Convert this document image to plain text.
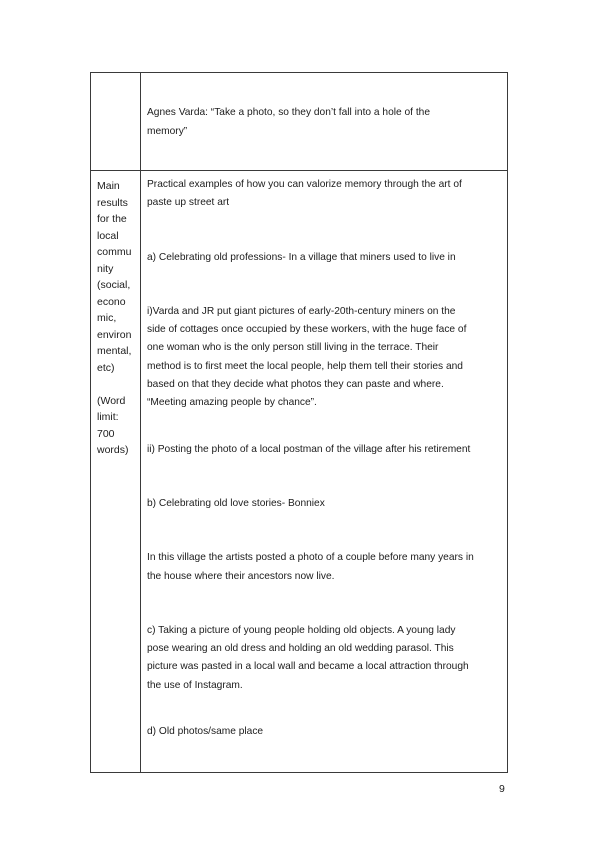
Agnes Varda: “Take a photo, so they don’t fall into a hole of the
memory”
Main
results
for the
local
commu
nity
(social,
econo
mic,
environ
mental,
etc)
(Word
limit:
700
words)
Practical examples of how you can valorize memory through the art of
paste up street art
a) Celebrating old professions- In a village that miners used to live in
i)Varda and JR put giant pictures of early-20th-century miners on the
side of cottages once occupied by these workers, with the huge face of
one woman who is the only person still living in the terrace. Their
method is to first meet the local people, help them tell their stories and
based on that they decide what photos they can paste and where.
“Meeting amazing people by chance”.
ii) Posting the photo of a local postman of the village after his retirement
b) Celebrating old love stories- Bonniex
In this village the artists posted a photo of a couple before many years in
the house where their ancestors now live.
c) Taking a picture of young people holding old objects. A young lady
pose wearing an old dress and holding an old wedding parasol. This
picture was pasted in a local wall and became a local attraction through
the use of Instagram.
d) Old photos/same place
9
